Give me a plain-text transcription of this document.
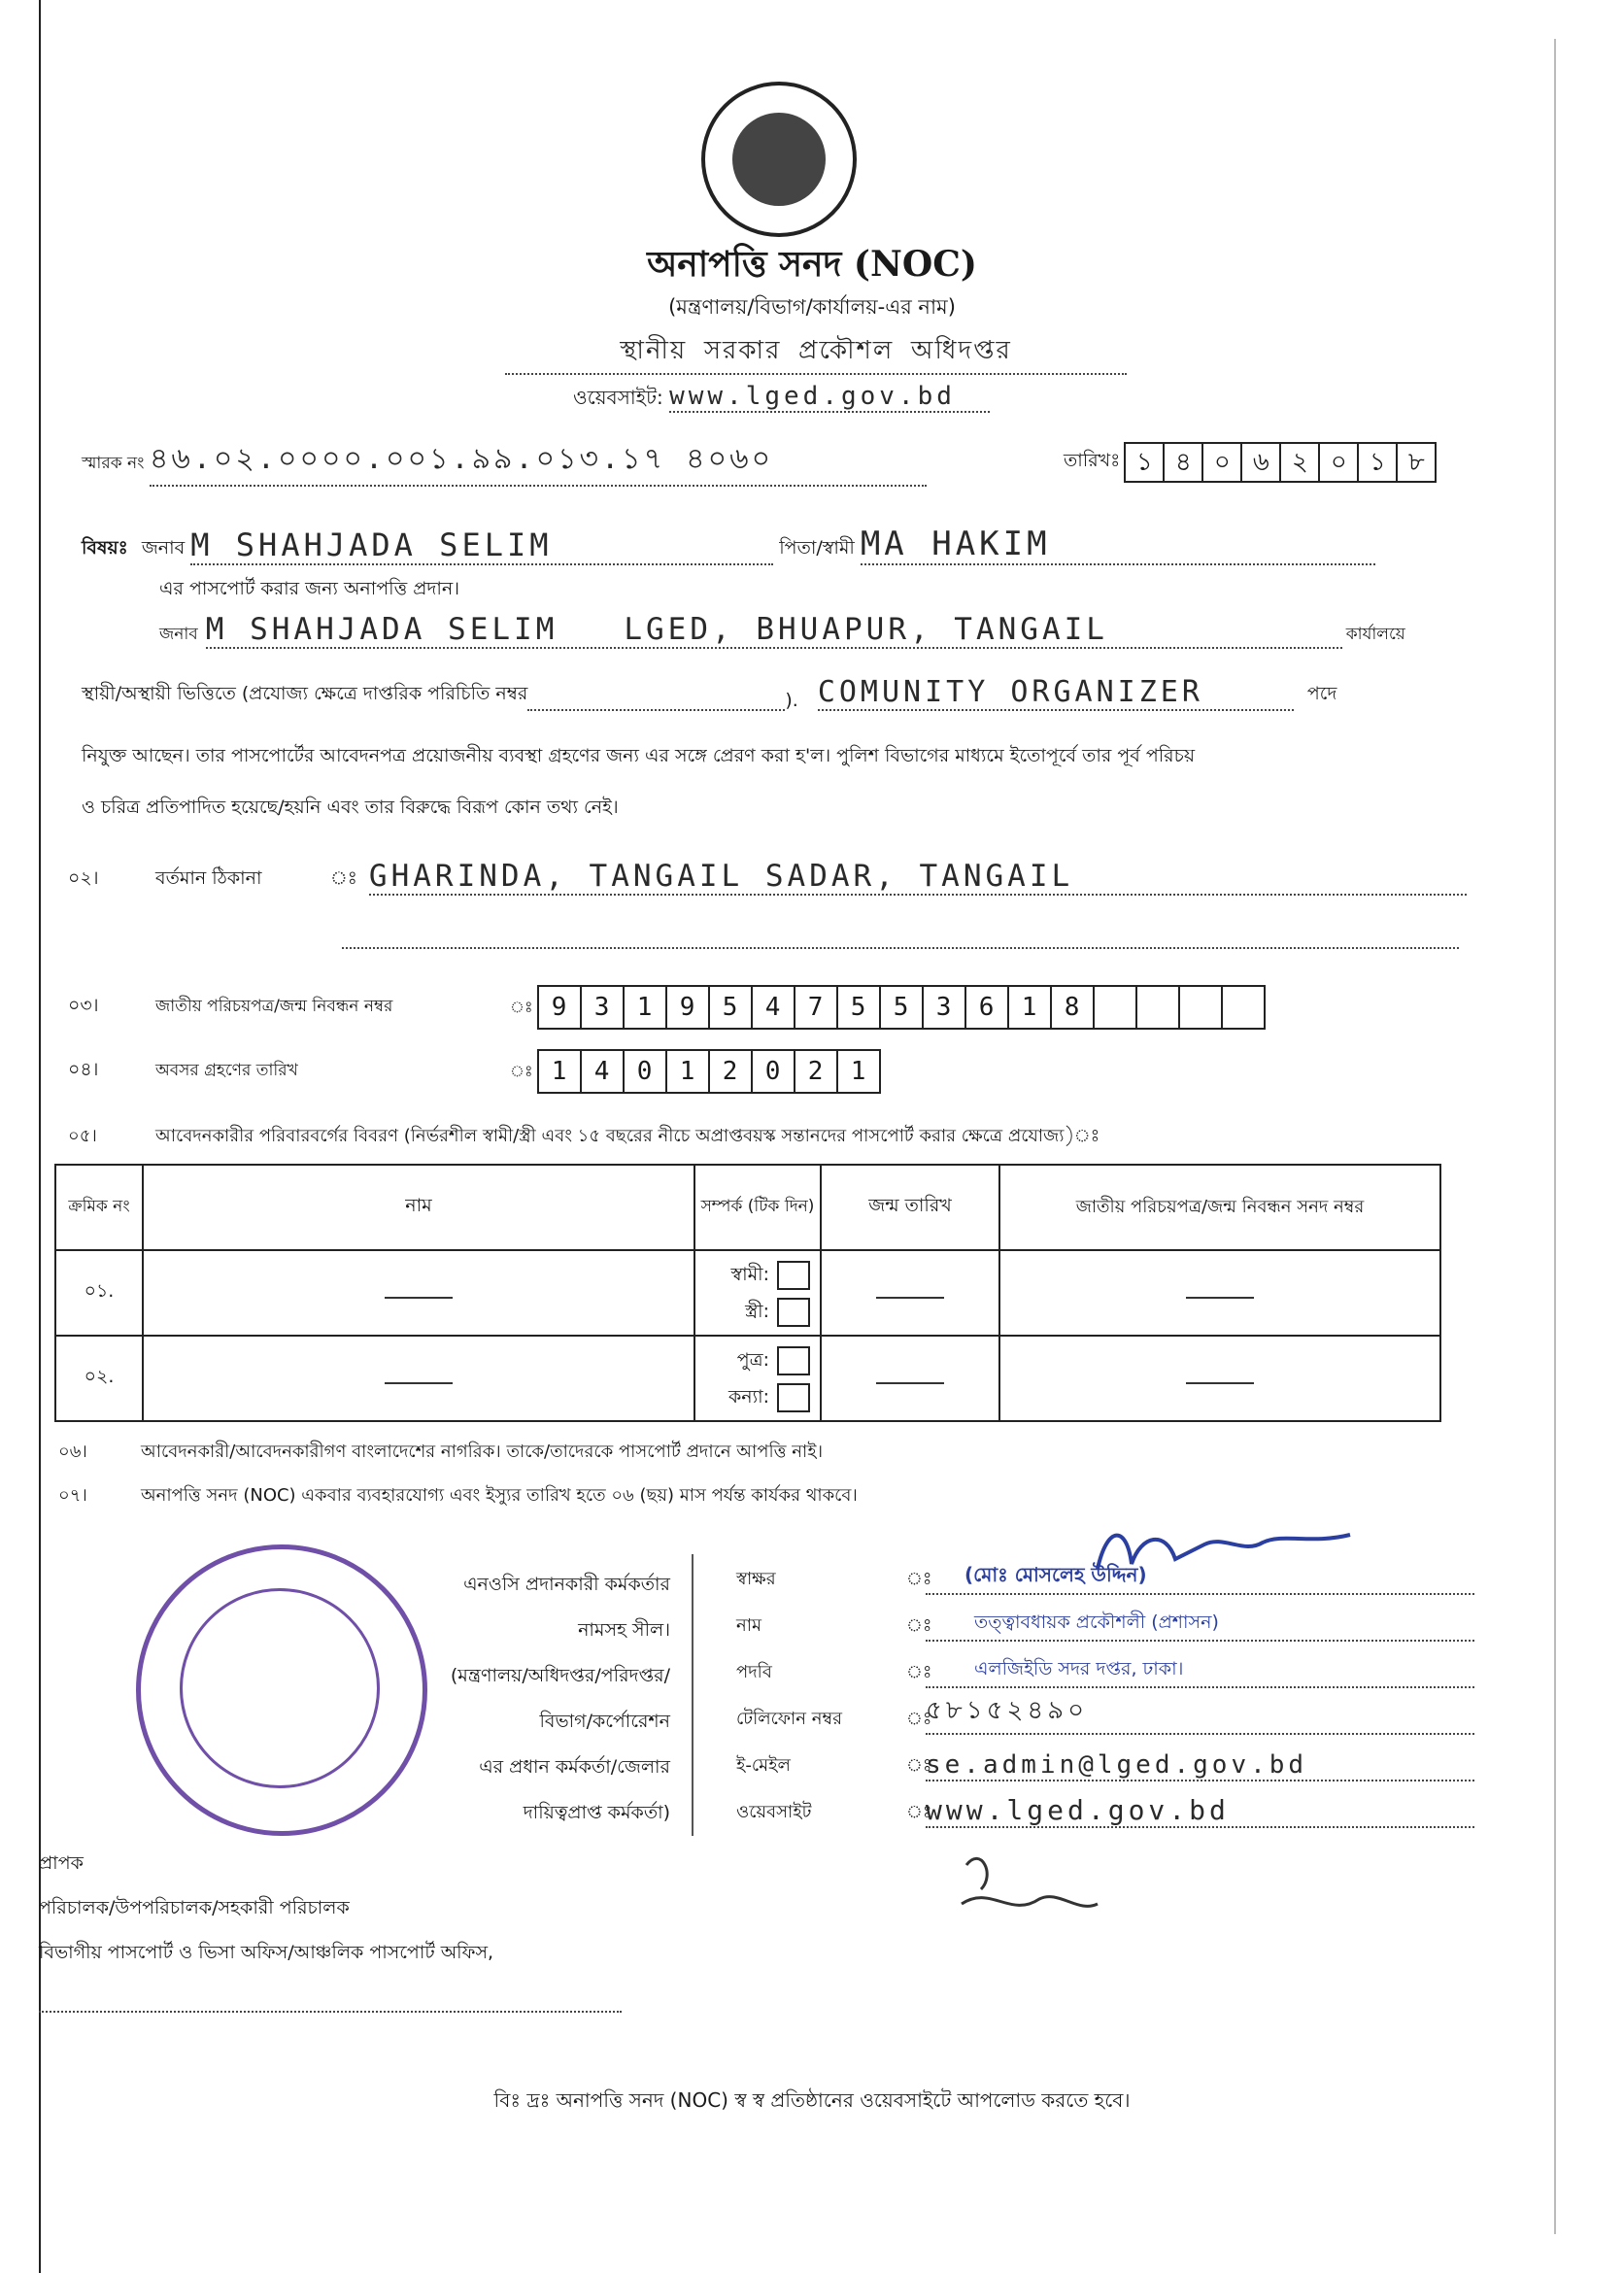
অনাপত্তি সনদ (NOC)
(মন্ত্রণালয়/বিভাগ/কার্যালয়-এর নাম)
স্থানীয় সরকার প্রকৌশল অধিদপ্তর
ওয়েবসাইট: www.lged.gov.bd
স্মারক নং ৪৬.০২.০০০০.০০১.৯৯.০১৩.১৭ ৪০৬০	তারিখঃ ১ ৪ ০ ৬ ২ ০ ১ ৮
বিষয়ঃ জনাব M SHAHJADA SELIM	পিতা/স্বামী MA HAKIM
এর পাসপোর্ট করার জন্য অনাপত্তি প্রদান।
জনাব M SHAHJADA SELIM   LGED, BHUAPUR, TANGAIL	কার্যালয়ে
স্থায়ী/অস্থায়ী ভিত্তিতে (প্রযোজ্য ক্ষেত্রে দাপ্তরিক পরিচিতি নম্বর	). COMUNITY ORGANIZER	পদে
নিযুক্ত আছেন। তার পাসপোর্টের আবেদনপত্র প্রয়োজনীয় ব্যবস্থা গ্রহণের জন্য এর সঙ্গে প্রেরণ করা হ'ল। পুলিশ বিভাগের মাধ্যমে ইতোপূর্বে তার পূর্ব পরিচয়
ও চরিত্র প্রতিপাদিত হয়েছে/হয়নি এবং তার বিরুদ্ধে বিরূপ কোন তথ্য নেই।
০২।	বর্তমান ঠিকানা	ঃ GHARINDA, TANGAIL SADAR, TANGAIL
০৩।	জাতীয় পরিচয়পত্র/জন্ম নিবন্ধন নম্বর	ঃ 9	3	1	9	5	4	7	5	5	3	6	1	8
০৪।	অবসর গ্রহণের তারিখ	ঃ 1	4	0	1	2	0	2	1
০৫।	আবেদনকারীর পরিবারবর্গের বিবরণ (নির্ভরশীল স্বামী/স্ত্রী এবং ১৫ বছরের নীচে অপ্রাপ্তবয়স্ক সন্তানদের পাসপোর্ট করার ক্ষেত্রে প্রযোজ্য)ঃ
ক্রমিক নং	নাম	সম্পর্ক (টিক দিন)	জন্ম তারিখ	জাতীয় পরিচয়পত্র/জন্ম নিবন্ধন সনদ নম্বর
০১.		স্বামী:
স্ত্রী:		

০২.		পুত্র:
কন্যা:		

০৬।	আবেদনকারী/আবেদনকারীগণ বাংলাদেশের নাগরিক। তাকে/তাদেরকে পাসপোর্ট প্রদানে আপত্তি নাই।
০৭।	অনাপত্তি সনদ (NOC) একবার ব্যবহারযোগ্য এবং ইস্যুর তারিখ হতে ০৬ (ছয়) মাস পর্যন্ত কার্যকর থাকবে।
এনওসি প্রদানকারী কর্মকর্তার
নামসহ সীল।
(মন্ত্রণালয়/অধিদপ্তর/পরিদপ্তর/
বিভাগ/কর্পোরেশন
এর প্রধান কর্মকর্তা/জেলার
দায়িত্বপ্রাপ্ত কর্মকর্তা)
স্বাক্ষর	ঃ	(মোঃ মোসলেহ উদ্দিন)
নাম	ঃ	তত্ত্বাবধায়ক প্রকৌশলী (প্রশাসন)
পদবি	ঃ	এলজিইডি সদর দপ্তর, ঢাকা।
টেলিফোন নম্বর	ঃ
৫৮১৫২৪৯০
ই-মেইল	ঃ
se.admin@lged.gov.bd
ওয়েবসাইট	ঃ
www.lged.gov.bd
প্রাপক
পরিচালক/উপপরিচালক/সহকারী পরিচালক
বিভাগীয় পাসপোর্ট ও ভিসা অফিস/আঞ্চলিক পাসপোর্ট অফিস,
বিঃ দ্রঃ অনাপত্তি সনদ (NOC) স্ব স্ব প্রতিষ্ঠানের ওয়েবসাইটে আপলোড করতে হবে।
